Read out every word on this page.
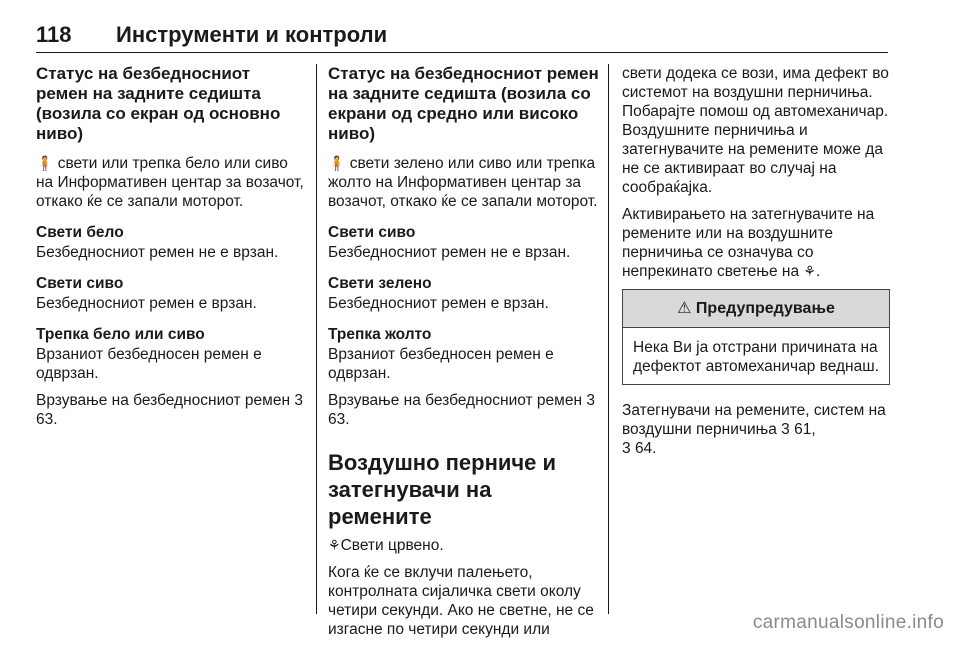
118 Инструменти и контроли
Статус на безбедносниот ремен на задните седишта (возила со екран од основно ниво)

🧍 свети или трепка бело или сиво на Информативен центар за возачот, откако ќе се запали моторот.

Свети бело

Безбедносниот ремен не е врзан.

Свети сиво

Безбедносниот ремен е врзан.

Трепка бело или сиво

Врзаниот безбедносен ремен е одврзан.

Врзување на безбедносниот ремен 3 63.

Статус на безбедносниот ремен на задните седишта (возила со екрани од средно или високо ниво)

🧍 свети зелено или сиво или трепка жолто на Информативен центар за возачот, откако ќе се запали моторот.

Свети сиво

Безбедносниот ремен не е врзан.

Свети зелено

Безбедносниот ремен е врзан.

Трепка жолто

Врзаниот безбедносен ремен е одврзан.

Врзување на безбедносниот ремен 3 63.

Воздушно перниче и затегнувачи на ремените

⚘Свети црвено.

Кога ќе се вклучи палењето, контролната сијаличка свети околу четири секунди. Ако не светне, не се изгасне по четири секунди или

свети додека се вози, има дефект во системот на воздушни перничиња. Побарајте помош од автомеханичар. Воздушните перничиња и затегнувачите на ремените може да не се активираат во случај на сообраќајка.

Активирањето на затегнувачите на ремените или на воздушните перничиња се означува со непрекинато светење на ⚘.

⚠ Предупредување
Нека Ви ја отстрани причината на дефектот автомеханичар веднаш.

Затегнувачи на ремените, систем на воздушни перничиња 3 61,
3 64.

carmanualsonline.info
